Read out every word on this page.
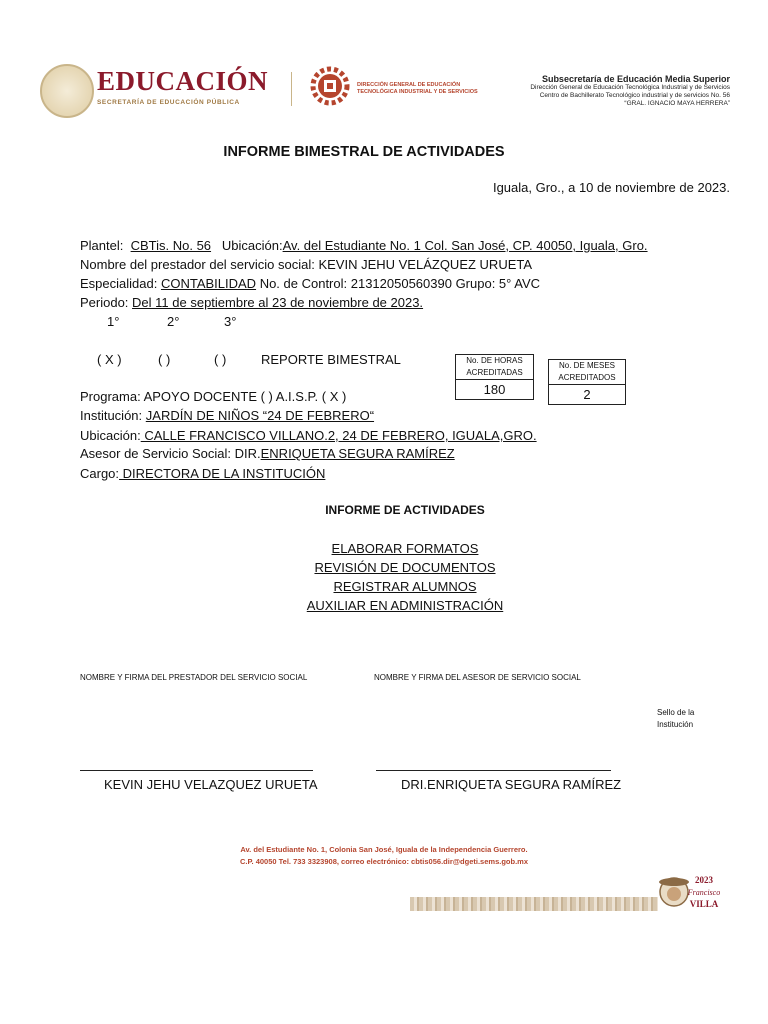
EDUCACIÓN
SECRETARÍA DE EDUCACIÓN PÚBLICA
DIRECCIÓN GENERAL DE EDUCACIÓN
TECNOLÓGICA INDUSTRIAL Y DE SERVICIOS
Subsecretaría de Educación Media Superior
Dirección General de Educación Tecnológica Industrial y de Servicios
Centro de Bachillerato Tecnológico industrial y de servicios No. 56
“GRAL. IGNACIO MAYA HERRERA”
INFORME BIMESTRAL DE ACTIVIDADES
Iguala, Gro., a 10 de noviembre de 2023.
Plantel: CBTis. No. 56 Ubicación:Av. del Estudiante No. 1 Col. San José, CP. 40050, Iguala, Gro.
Nombre del prestador del servicio social: KEVIN JEHU VELÁZQUEZ URUETA
Especialidad: CONTABILIDAD No. de Control: 21312050560390 Grupo: 5° AVC
Periodo: Del 11 de septiembre al 23 de noviembre de 2023.
1°	2°	3°
( X )	( )	( )	REPORTE BIMESTRAL	No. DE HORAS
ACREDITADAS
180
No. DE MESES
ACREDITADOS
2
Programa: APOYO DOCENTE ( ) A.I.S.P. ( X )
Institución: JARDÍN DE NIÑOS “24 DE FEBRERO“
Ubicación: CALLE FRANCISCO VILLANO.2, 24 DE FEBRERO, IGUALA,GRO.
Asesor de Servicio Social: DIR.ENRIQUETA SEGURA RAMÍREZ
Cargo: DIRECTORA DE LA INSTITUCIÓN
INFORME DE ACTIVIDADES
ELABORAR FORMATOS
REVISIÓN DE DOCUMENTOS
REGISTRAR ALUMNOS
AUXILIAR EN ADMINISTRACIÓN
NOMBRE Y FIRMA DEL PRESTADOR DEL SERVICIO SOCIAL	NOMBRE Y FIRMA DEL ASESOR DE SERVICIO SOCIAL
Sello de la
Institución
KEVIN JEHU VELAZQUEZ URUETA	DRI.ENRIQUETA SEGURA RAMÍREZ
Av. del Estudiante No. 1, Colonia San José, Iguala de la Independencia Guerrero.
C.P. 40050 Tel. 733 3323908, correo electrónico: cbtis056.dir@dgeti.sems.gob.mx
2023
Francisco
VILLA
